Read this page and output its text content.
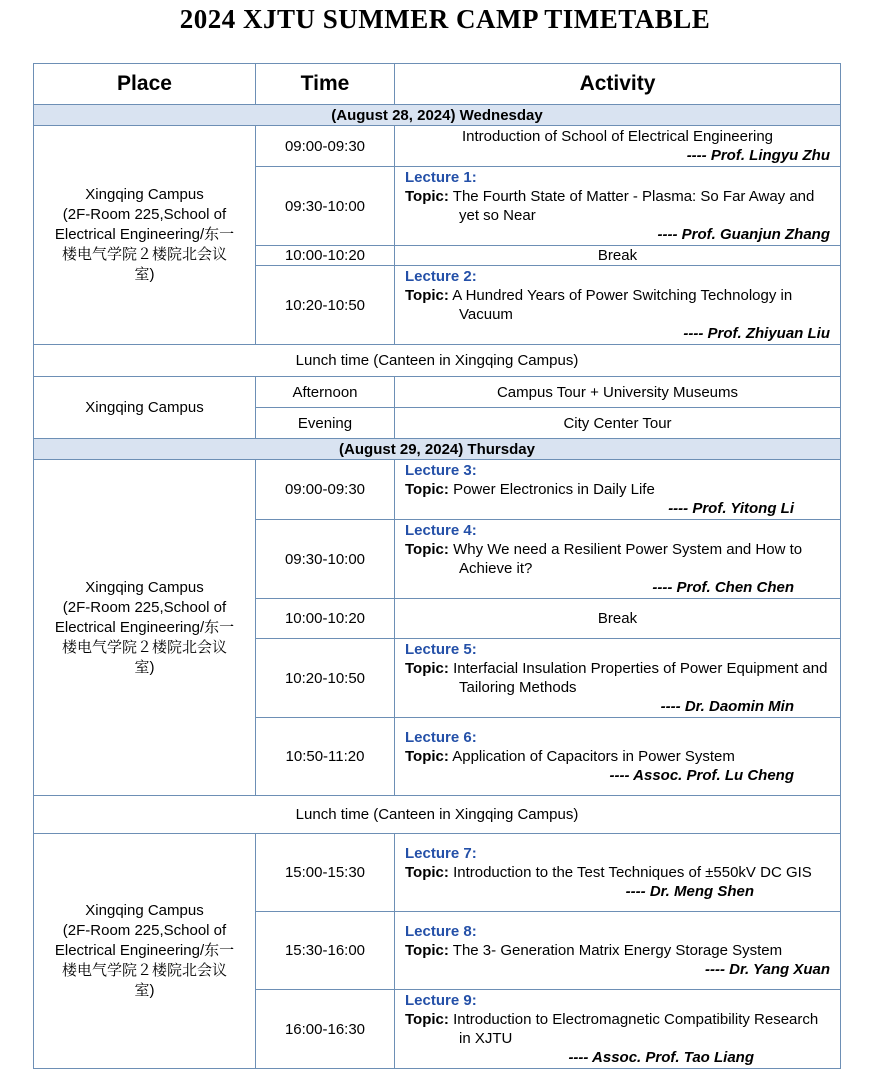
2024 XJTU SUMMER CAMP TIMETABLE
Place	Time	Activity
(August 28, 2024) Wednesday		

Xingqing Campus
(2F-Room 225,School of
Electrical Engineering/东一
楼电气学院２楼院北会议
室)	09:00-09:30	Introduction of School of Electrical Engineering
---- Prof. Lingyu Zhu

	09:30-10:00	Lecture 1:
Topic: The Fourth State of Matter - Plasma: So Far Away and yet so Near
---- Prof. Guanjun Zhang

	10:00-10:20	Break
	10:20-10:50	Lecture 2:
Topic: A Hundred Years of Power Switching Technology in Vacuum
---- Prof. Zhiyuan Liu

Lunch time (Canteen in Xingqing Campus)		
Xingqing Campus	Afternoon	Campus Tour + University Museums
	Evening	City Center Tour
(August 29, 2024) Thursday		

Xingqing Campus
(2F-Room 225,School of
Electrical Engineering/东一
楼电气学院２楼院北会议
室)	09:00-09:30	Lecture 3:
Topic: Power Electronics in Daily Life
---- Prof. Yitong Li

	09:30-10:00	Lecture 4:
Topic: Why We need a Resilient Power System and How to Achieve it?
---- Prof. Chen Chen

	10:00-10:20	Break
	10:20-10:50	Lecture 5:
Topic: Interfacial Insulation Properties of Power Equipment and Tailoring Methods
---- Dr. Daomin Min

	10:50-11:20	Lecture 6:
Topic: Application of Capacitors in Power System
---- Assoc. Prof. Lu Cheng

Lunch time (Canteen in Xingqing Campus)		

Xingqing Campus
(2F-Room 225,School of
Electrical Engineering/东一
楼电气学院２楼院北会议
室)	15:00-15:30	Lecture 7:
Topic: Introduction to the Test Techniques of ±550kV DC GIS
---- Dr. Meng Shen

	15:30-16:00	Lecture 8:
Topic: The 3- Generation Matrix Energy Storage System
---- Dr. Yang Xuan

	16:00-16:30	Lecture 9:
Topic: Introduction to Electromagnetic Compatibility Research in XJTU
---- Assoc. Prof. Tao Liang
